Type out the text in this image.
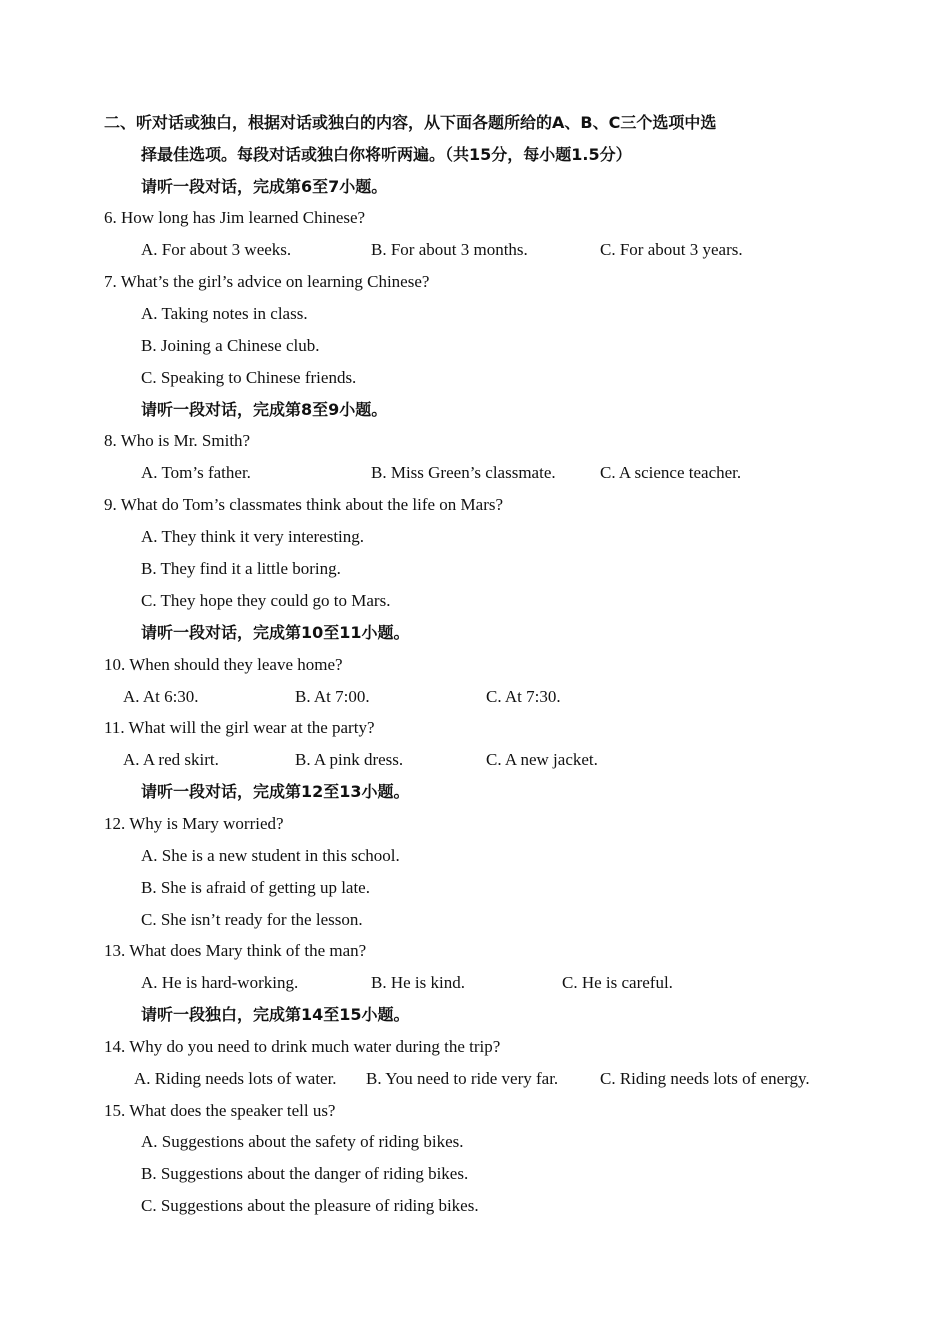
二、听对话或独白，根据对话或独白的内容，从下面各题所给的A、B、C三个选项中选
择最佳选项。每段对话或独白你将听两遍。（共15分，每小题1.5分）
请听一段对话，完成第6至7小题。
6. How long has Jim learned Chinese?
A. For about 3 weeks.	B. For about 3 months.	C. For about 3 years.
7. What’s the girl’s advice on learning Chinese?
A. Taking notes in class.
B. Joining a Chinese club.
C. Speaking to Chinese friends.
请听一段对话，完成第8至9小题。
8. Who is Mr. Smith?
A. Tom’s father.	B. Miss Green’s classmate.	C. A science teacher.
9. What do Tom’s classmates think about the life on Mars?
A. They think it very interesting.
B. They find it a little boring.
C. They hope they could go to Mars.
请听一段对话，完成第10至11小题。
10. When should they leave home?
A. At 6:30.	B. At 7:00.	C. At 7:30.
11. What will the girl wear at the party?
A. A red skirt.	B. A pink dress.	C. A new jacket.
请听一段对话，完成第12至13小题。
12. Why is Mary worried?
A. She is a new student in this school.
B. She is afraid of getting up late.
C. She isn’t ready for the lesson.
13. What does Mary think of the man?
A. He is hard-working.	B. He is kind.	C. He is careful.
请听一段独白，完成第14至15小题。
14. Why do you need to drink much water during the trip?
A. Riding needs lots of water. B. You need to ride very far. C. Riding needs lots of energy.
15. What does the speaker tell us?
A. Suggestions about the safety of riding bikes.
B. Suggestions about the danger of riding bikes.
C. Suggestions about the pleasure of riding bikes.
